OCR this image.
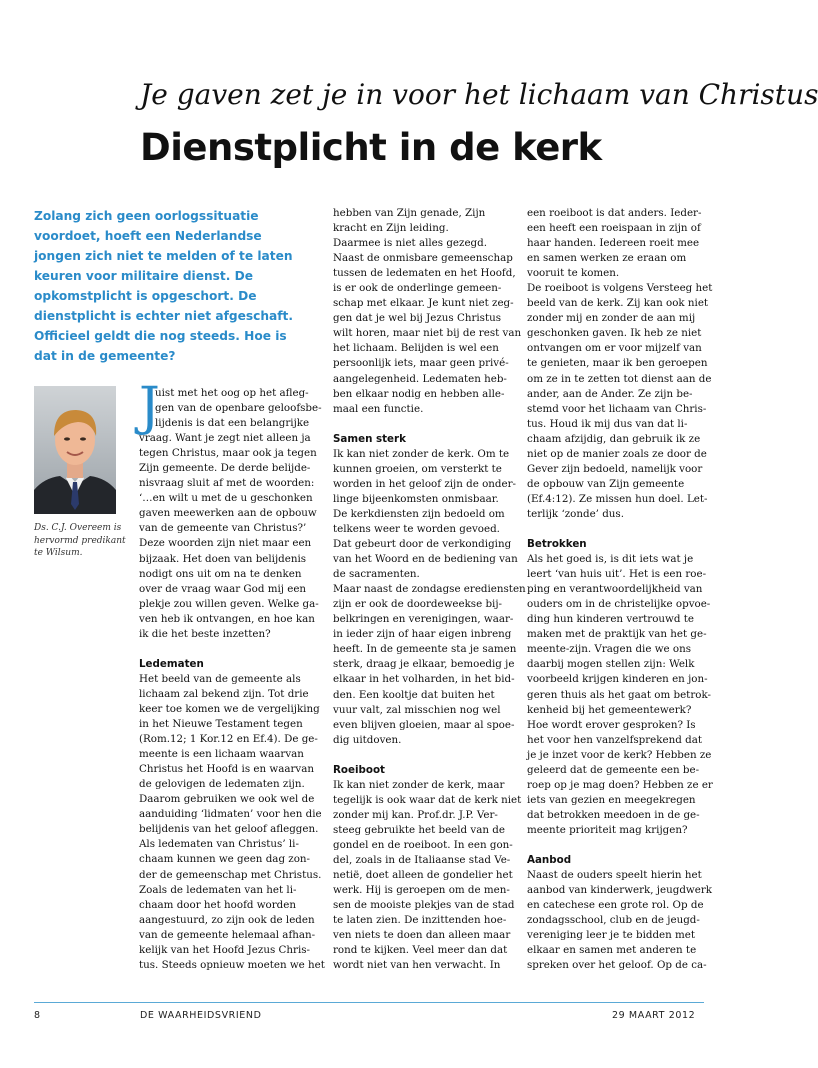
Je gaven zet je in voor het lichaam van Christus
Dienstplicht in de kerk

Zolang zich geen oorlogssituatie voordoet, hoeft een Nederlandse jongen zich niet te melden of te laten keuren voor militaire dienst. De opkomstplicht is opgeschort. De dienstplicht is echter niet afgeschaft. Officieel geldt die nog steeds. Hoe is dat in de gemeente?

Ds. C.J. Overeem is hervormd predikant te Wilsum.

J
uist met het oog op het afleg-
gen van de openbare geloofsbe-
lijdenis is dat een belangrijke
vraag. Want je zegt niet alleen ja
tegen Christus, maar ook ja tegen
Zijn gemeente. De derde belijde-
nisvraag sluit af met de woorden:
‘…en wilt u met de u geschonken
gaven meewerken aan de opbouw
van de gemeente van Christus?’
Deze woorden zijn niet maar een
bijzaak. Het doen van belijdenis
nodigt ons uit om na te denken
over de vraag waar God mij een
plekje zou willen geven. Welke ga-
ven heb ik ontvangen, en hoe kan
ik die het beste inzetten?
Ledematen
Het beeld van de gemeente als
lichaam zal bekend zijn. Tot drie
keer toe komen we de vergelijking
in het Nieuwe Testament tegen
(Rom.12; 1 Kor.12 en Ef.4). De ge-
meente is een lichaam waarvan
Christus het Hoofd is en waarvan
de gelovigen de ledematen zijn.
Daarom gebruiken we ook wel de
aanduiding ‘lidmaten’ voor hen die
belijdenis van het geloof afleggen.
Als ledematen van Christus’ li-
chaam kunnen we geen dag zon-
der de gemeenschap met Christus.
Zoals de ledematen van het li-
chaam door het hoofd worden
aangestuurd, zo zijn ook de leden
van de gemeente helemaal afhan-
kelijk van het Hoofd Jezus Chris-
tus. Steeds opnieuw moeten we het
hebben van Zijn genade, Zijn
kracht en Zijn leiding.
Daarmee is niet alles gezegd.
Naast de onmisbare gemeenschap
tussen de ledematen en het Hoofd,
is er ook de onderlinge gemeen-
schap met elkaar. Je kunt niet zeg-
gen dat je wel bij Jezus Christus
wilt horen, maar niet bij de rest van
het lichaam. Belijden is wel een
persoonlijk iets, maar geen privé-
aangelegenheid. Ledematen heb-
ben elkaar nodig en hebben alle-
maal een functie.
Samen sterk
Ik kan niet zonder de kerk. Om te
kunnen groeien, om versterkt te
worden in het geloof zijn de onder-
linge bijeenkomsten onmisbaar.
De kerkdiensten zijn bedoeld om
telkens weer te worden gevoed.
Dat gebeurt door de verkondiging
van het Woord en de bediening van
de sacramenten.
Maar naast de zondagse erediensten
zijn er ook de doordeweekse bij-
belkringen en verenigingen, waar-
in ieder zijn of haar eigen inbreng
heeft. In de gemeente sta je samen
sterk, draag je elkaar, bemoedig je
elkaar in het volharden, in het bid-
den. Een kooltje dat buiten het
vuur valt, zal misschien nog wel
even blijven gloeien, maar al spoe-
dig uitdoven.
Roeiboot
Ik kan niet zonder de kerk, maar
tegelijk is ook waar dat de kerk niet
zonder mij kan. Prof.dr. J.P. Ver-
steeg gebruikte het beeld van de
gondel en de roeiboot. In een gon-
del, zoals in de Italiaanse stad Ve-
netië, doet alleen de gondelier het
werk. Hij is geroepen om de men-
sen de mooiste plekjes van de stad
te laten zien. De inzittenden hoe-
ven niets te doen dan alleen maar
rond te kijken. Veel meer dan dat
wordt niet van hen verwacht. In
een roeiboot is dat anders. Ieder-
een heeft een roeispaan in zijn of
haar handen. Iedereen roeit mee
en samen werken ze eraan om
vooruit te komen.
De roeiboot is volgens Versteeg het
beeld van de kerk. Zij kan ook niet
zonder mij en zonder de aan mij
geschonken gaven. Ik heb ze niet
ontvangen om er voor mijzelf van
te genieten, maar ik ben geroepen
om ze in te zetten tot dienst aan de
ander, aan de Ander. Ze zijn be-
stemd voor het lichaam van Chris-
tus. Houd ik mij dus van dat li-
chaam afzijdig, dan gebruik ik ze
niet op de manier zoals ze door de
Gever zijn bedoeld, namelijk voor
de opbouw van Zijn gemeente
(Ef.4:12). Ze missen hun doel. Let-
terlijk ‘zonde’ dus.
Betrokken
Als het goed is, is dit iets wat je
leert ‘van huis uit’. Het is een roe-
ping en verantwoordelijkheid van
ouders om in de christelijke opvoe-
ding hun kinderen vertrouwd te
maken met de praktijk van het ge-
meente-zijn. Vragen die we ons
daarbij mogen stellen zijn: Welk
voorbeeld krijgen kinderen en jon-
geren thuis als het gaat om betrok-
kenheid bij het gemeentewerk?
Hoe wordt erover gesproken? Is
het voor hen vanzelfsprekend dat
je je inzet voor de kerk? Hebben ze
geleerd dat de gemeente een be-
roep op je mag doen? Hebben ze er
iets van gezien en meegekregen
dat betrokken meedoen in de ge-
meente prioriteit mag krijgen?
Aanbod
Naast de ouders speelt hierin het
aanbod van kinderwerk, jeugdwerk
en catechese een grote rol. Op de
zondagsschool, club en de jeugd-
vereniging leer je te bidden met
elkaar en samen met anderen te
spreken over het geloof. Op de ca-
8	DE WAARHEIDSVRIEND	29 MAART 2012
